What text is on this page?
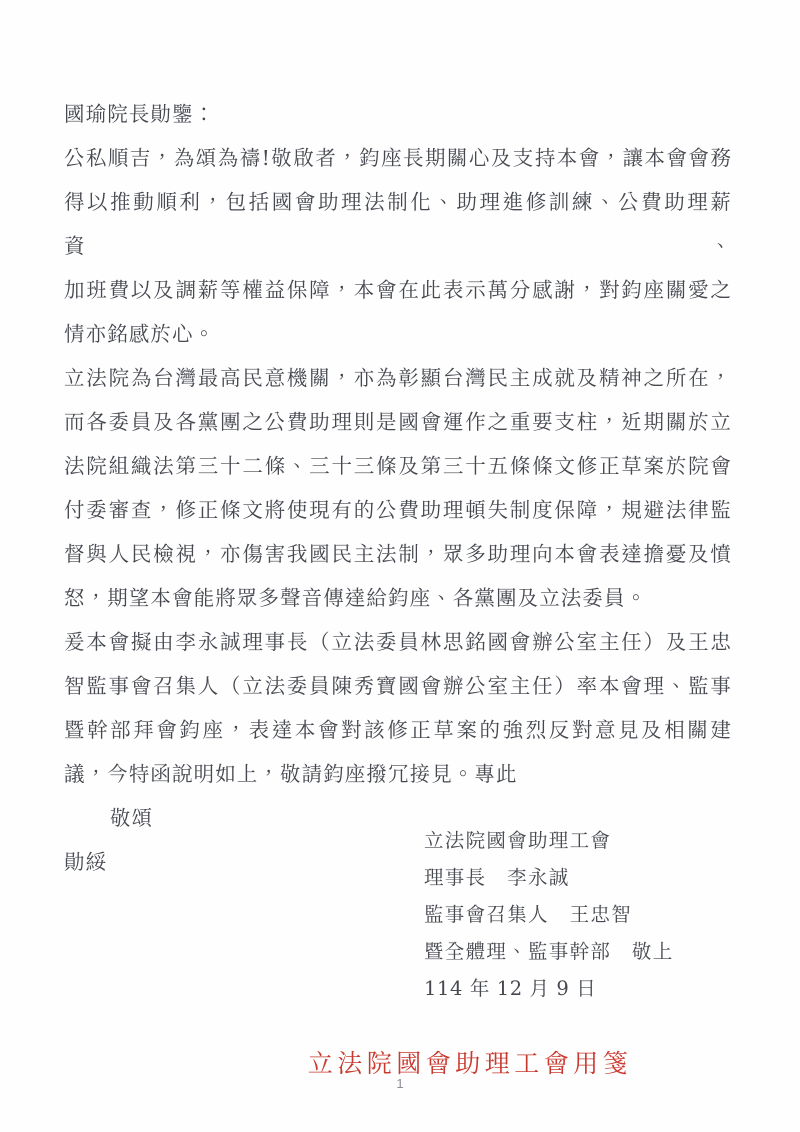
國瑜院長勛鑒：
公私順吉，為頌為禱!敬啟者，鈞座長期關心及支持本會，讓本會會務
得以推動順利，包括國會助理法制化、助理進修訓練、公費助理薪資、
加班費以及調薪等權益保障，本會在此表示萬分感謝，對鈞座關愛之
情亦銘感於心。
立法院為台灣最高民意機關，亦為彰顯台灣民主成就及精神之所在，
而各委員及各黨團之公費助理則是國會運作之重要支柱，近期關於立
法院組織法第三十二條、三十三條及第三十五條條文修正草案於院會
付委審查，修正條文將使現有的公費助理頓失制度保障，規避法律監
督與人民檢視，亦傷害我國民主法制，眾多助理向本會表達擔憂及憤
怒，期望本會能將眾多聲音傳達給鈞座、各黨團及立法委員。
爰本會擬由李永誠理事長（立法委員林思銘國會辦公室主任）及王忠
智監事會召集人（立法委員陳秀寶國會辦公室主任）率本會理、監事
暨幹部拜會鈞座，表達本會對該修正草案的強烈反對意見及相關建
議，今特函說明如上，敬請鈞座撥冗接見。專此
敬頌
勛綏
立法院國會助理工會
理事長　李永誠
監事會召集人　王忠智
暨全體理、監事幹部　敬上
114 年 12 月 9 日
立法院國會助理工會用箋
1
